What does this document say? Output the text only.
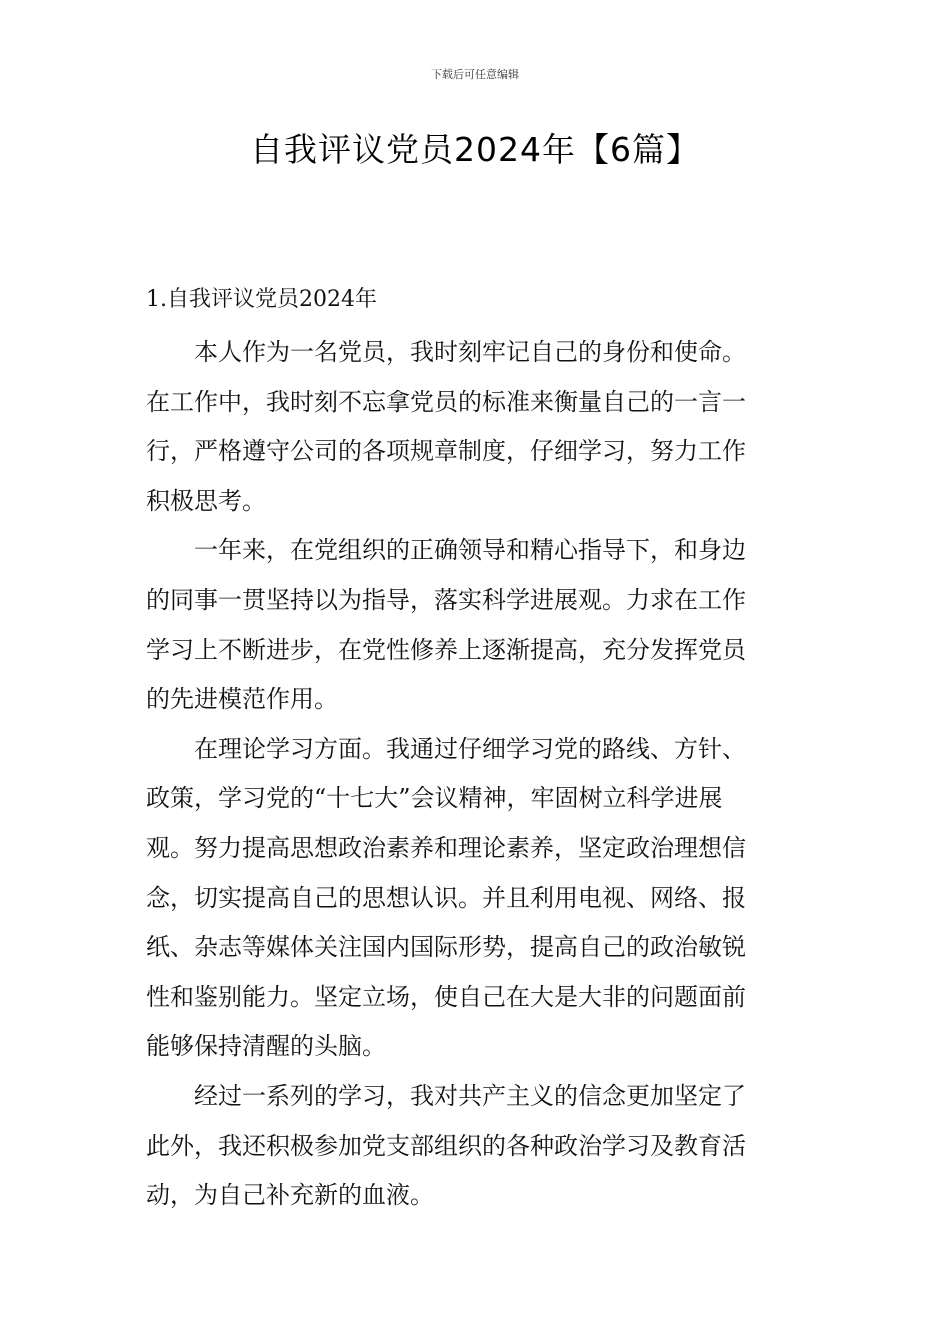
下载后可任意编辑
自我评议党员2024年【6篇】
1.自我评议党员2024年

本人作为一名党员，我时刻牢记自己的身份和使命。
在工作中，我时刻不忘拿党员的标准来衡量自己的一言一
行，严格遵守公司的各项规章制度，仔细学习，努力工作
积极思考。

一年来，在党组织的正确领导和精心指导下，和身边
的同事一贯坚持以为指导，落实科学进展观。力求在工作
学习上不断进步，在党性修养上逐渐提高，充分发挥党员
的先进模范作用。

在理论学习方面。我通过仔细学习党的路线、方针、
政策，学习党的“十七大”会议精神，牢固树立科学进展
观。努力提高思想政治素养和理论素养，坚定政治理想信
念，切实提高自己的思想认识。并且利用电视、网络、报
纸、杂志等媒体关注国内国际形势，提高自己的政治敏锐
性和鉴别能力。坚定立场，使自己在大是大非的问题面前
能够保持清醒的头脑。

经过一系列的学习，我对共产主义的信念更加坚定了
此外，我还积极参加党支部组织的各种政治学习及教育活
动，为自己补充新的血液。
